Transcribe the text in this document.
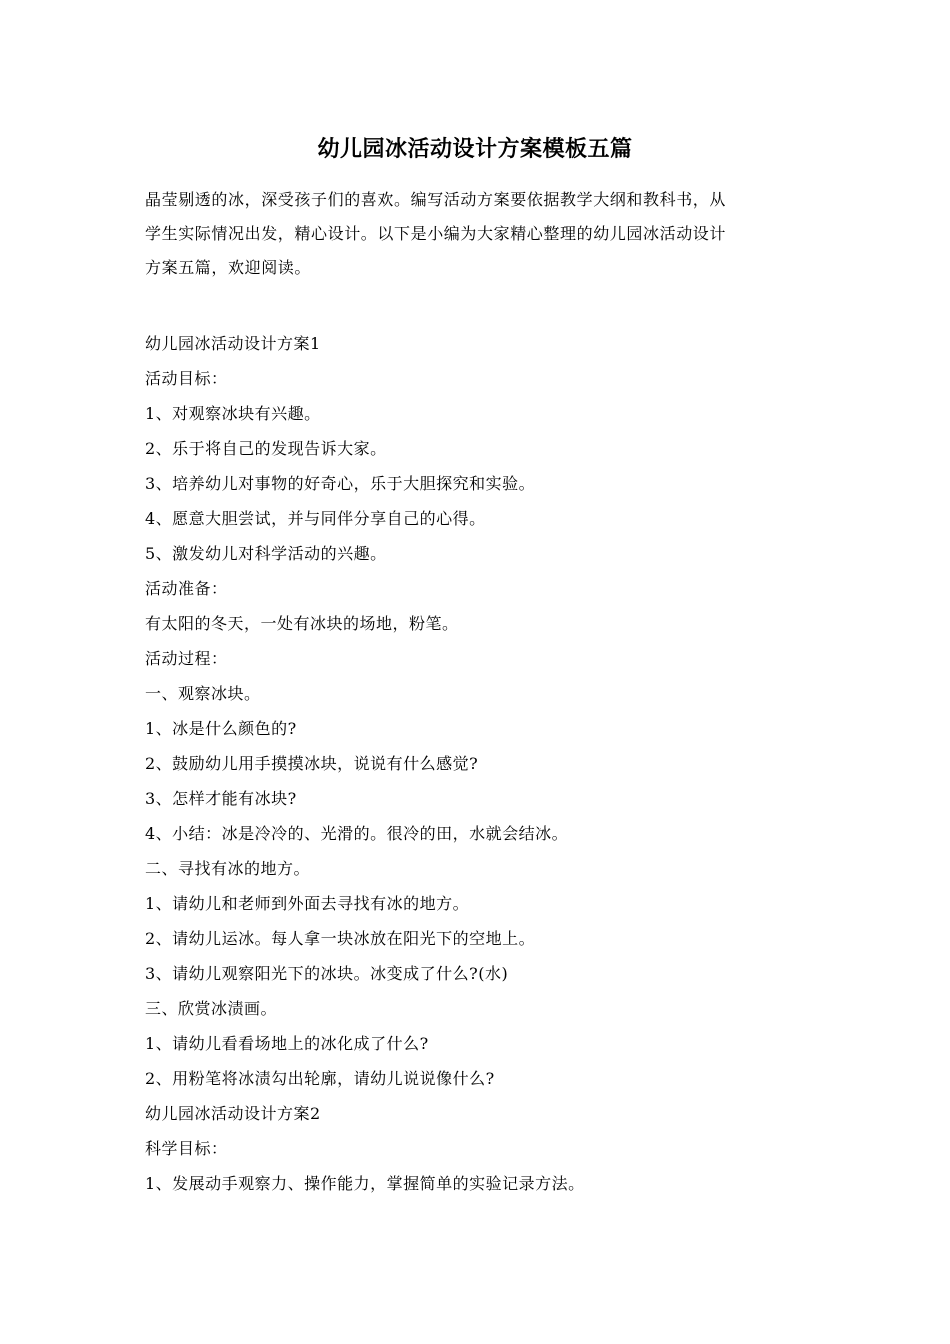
幼儿园冰活动设计方案模板五篇

晶莹剔透的冰，深受孩子们的喜欢。编写活动方案要依据教学大纲和教科书，从

学生实际情况出发，精心设计。以下是小编为大家精心整理的幼儿园冰活动设计

方案五篇，欢迎阅读。

幼儿园冰活动设计方案1
活动目标：
1、对观察冰块有兴趣。
2、乐于将自己的发现告诉大家。
3、培养幼儿对事物的好奇心，乐于大胆探究和实验。
4、愿意大胆尝试，并与同伴分享自己的心得。
5、激发幼儿对科学活动的兴趣。
活动准备：
有太阳的冬天，一处有冰块的场地，粉笔。
活动过程：
一、观察冰块。
1、冰是什么颜色的?
2、鼓励幼儿用手摸摸冰块，说说有什么感觉?
3、怎样才能有冰块?
4、小结：冰是冷冷的、光滑的。很冷的田，水就会结冰。
二、寻找有冰的地方。
1、请幼儿和老师到外面去寻找有冰的地方。
2、请幼儿运冰。每人拿一块冰放在阳光下的空地上。
3、请幼儿观察阳光下的冰块。冰变成了什么?(水)
三、欣赏冰渍画。
1、请幼儿看看场地上的冰化成了什么?
2、用粉笔将冰渍勾出轮廓，请幼儿说说像什么?
幼儿园冰活动设计方案2
科学目标：
1、发展动手观察力、操作能力，掌握简单的实验记录方法。
